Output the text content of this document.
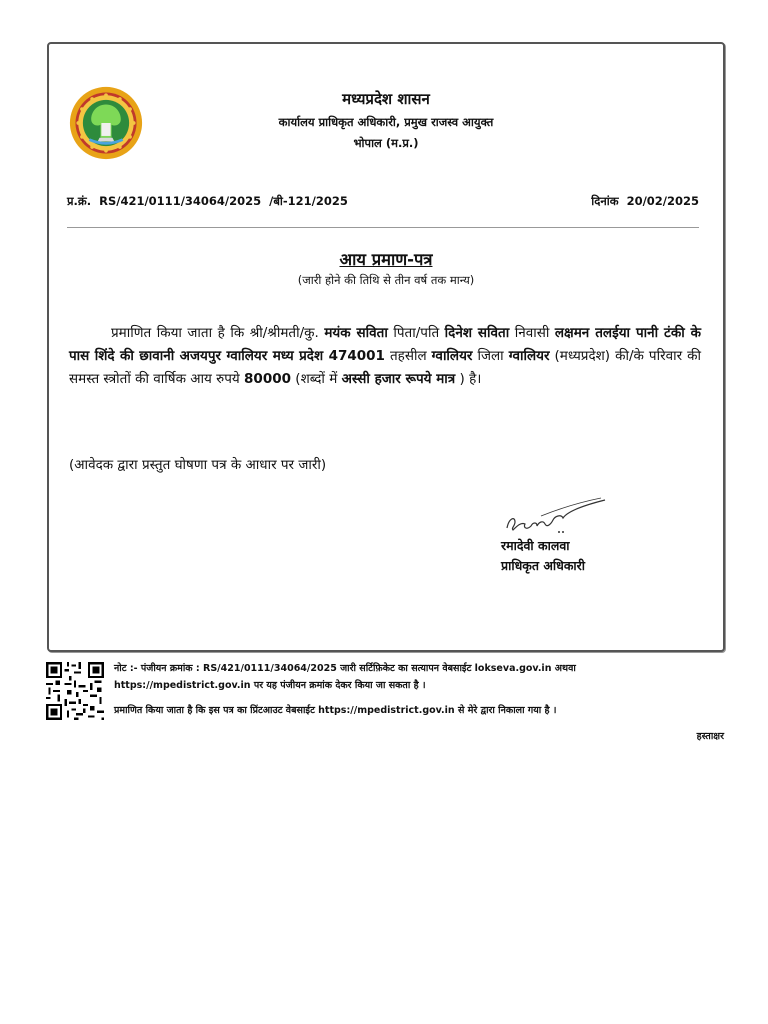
मध्यप्रदेश शासन
कार्यालय प्राधिकृत अधिकारी, प्रमुख राजस्व आयुक्त
भोपाल (म.प्र.)
प्र.क्रं. RS/421/0111/34064/2025 /बी-121/2025	दिनांक 20/02/2025
आय प्रमाण-पत्र
(जारी होने की तिथि से तीन वर्ष तक मान्य)
प्रमाणित किया जाता है कि श्री/श्रीमती/कु. मयंक सविता पिता/पति दिनेश सविता निवासी लक्षमन तलईया पानी टंकी के पास शिंदे की छावानी अजयपुर ग्वालियर मध्य प्रदेश 474001 तहसील ग्वालियर जिला ग्वालियर (मध्यप्रदेश) की/के परिवार की समस्त स्त्रोतों की वार्षिक आय रुपये 80000 (शब्दों में अस्सी हजार रूपये मात्र ) है।
(आवेदक द्वारा प्रस्तुत घोषणा पत्र के आधार पर जारी)
रमादेवी कालवा
प्राधिकृत अधिकारी
नोट :- पंजीयन क्रमांक : RS/421/0111/34064/2025 जारी सर्टिफ़िकेट का सत्यापन वेबसाईट lokseva.gov.in अथवा https://mpedistrict.gov.in पर यह पंजीयन क्रमांक देकर किया जा सकता है ।
प्रमाणित किया जाता है कि इस पत्र का प्रिंटआउट वेबसाईट https://mpedistrict.gov.in से मेरे द्वारा निकाला गया है ।
हस्ताक्षर
